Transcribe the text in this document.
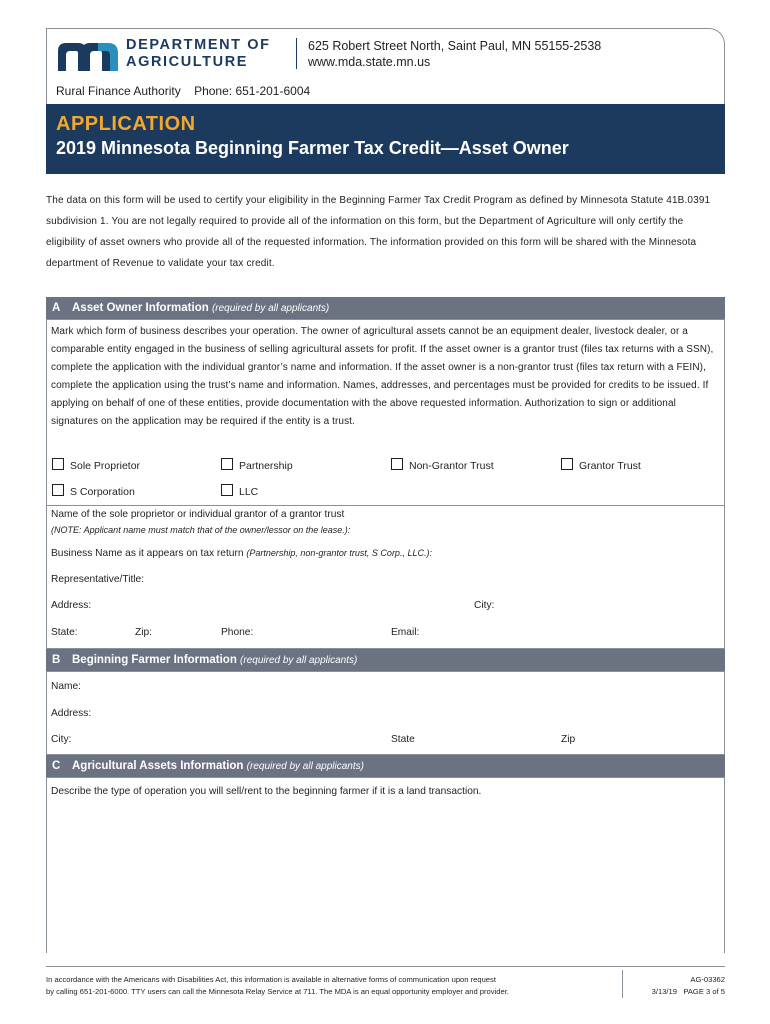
DEPARTMENT OF
AGRICULTURE
625 Robert Street North, Saint Paul, MN 55155-2538
www.mda.state.mn.us
Rural Finance Authority Phone: 651-201-6004
APPLICATION
2019 Minnesota Beginning Farmer Tax Credit—Asset Owner
The data on this form will be used to certify your eligibility in the Beginning Farmer Tax Credit Program as defined by Minnesota Statute 41B.0391 subdivision 1. You are not legally required to provide all of the information on this form, but the Department of Agriculture will only certify the eligibility of asset owners who provide all of the requested information. The information provided on this form will be shared with the Minnesota department of Revenue to validate your tax credit.
A Asset Owner Information (required by all applicants)
Mark which form of business describes your operation. The owner of agricultural assets cannot be an equipment dealer, livestock dealer, or a comparable entity engaged in the business of selling agricultural assets for profit. If the asset owner is a grantor trust (files tax returns with a SSN), complete the application with the individual grantor’s name and information. If the asset owner is a non-grantor trust (files tax return with a FEIN), complete the application using the trust’s name and information. Names, addresses, and percentages must be provided for credits to be issued. If applying on behalf of one of these entities, provide documentation with the above requested information. Authorization to sign or additional signatures on the application may be required if the entity is a trust.
Sole Proprietor	Partnership	Non-Grantor Trust	Grantor Trust
S Corporation	LLC
Name of the sole proprietor or individual grantor of a grantor trust
(NOTE: Applicant name must match that of the owner/lessor on the lease.):
Business Name as it appears on tax return (Partnership, non-grantor trust, S Corp., LLC.):
Representative/Title:
Address:	City:
State:	Zip:	Phone:	Email:
B Beginning Farmer Information (required by all applicants)
Name:
Address:
City:	State	Zip
C Agricultural Assets Information (required by all applicants)
Describe the type of operation you will sell/rent to the beginning farmer if it is a land transaction.
In accordance with the Americans with Disabilities Act, this information is available in alternative forms of communication upon request
by calling 651-201-6000. TTY users can call the Minnesota Relay Service at 711. The MDA is an equal opportunity employer and provider.
AG-03362
3/13/19 PAGE 3 of 5
